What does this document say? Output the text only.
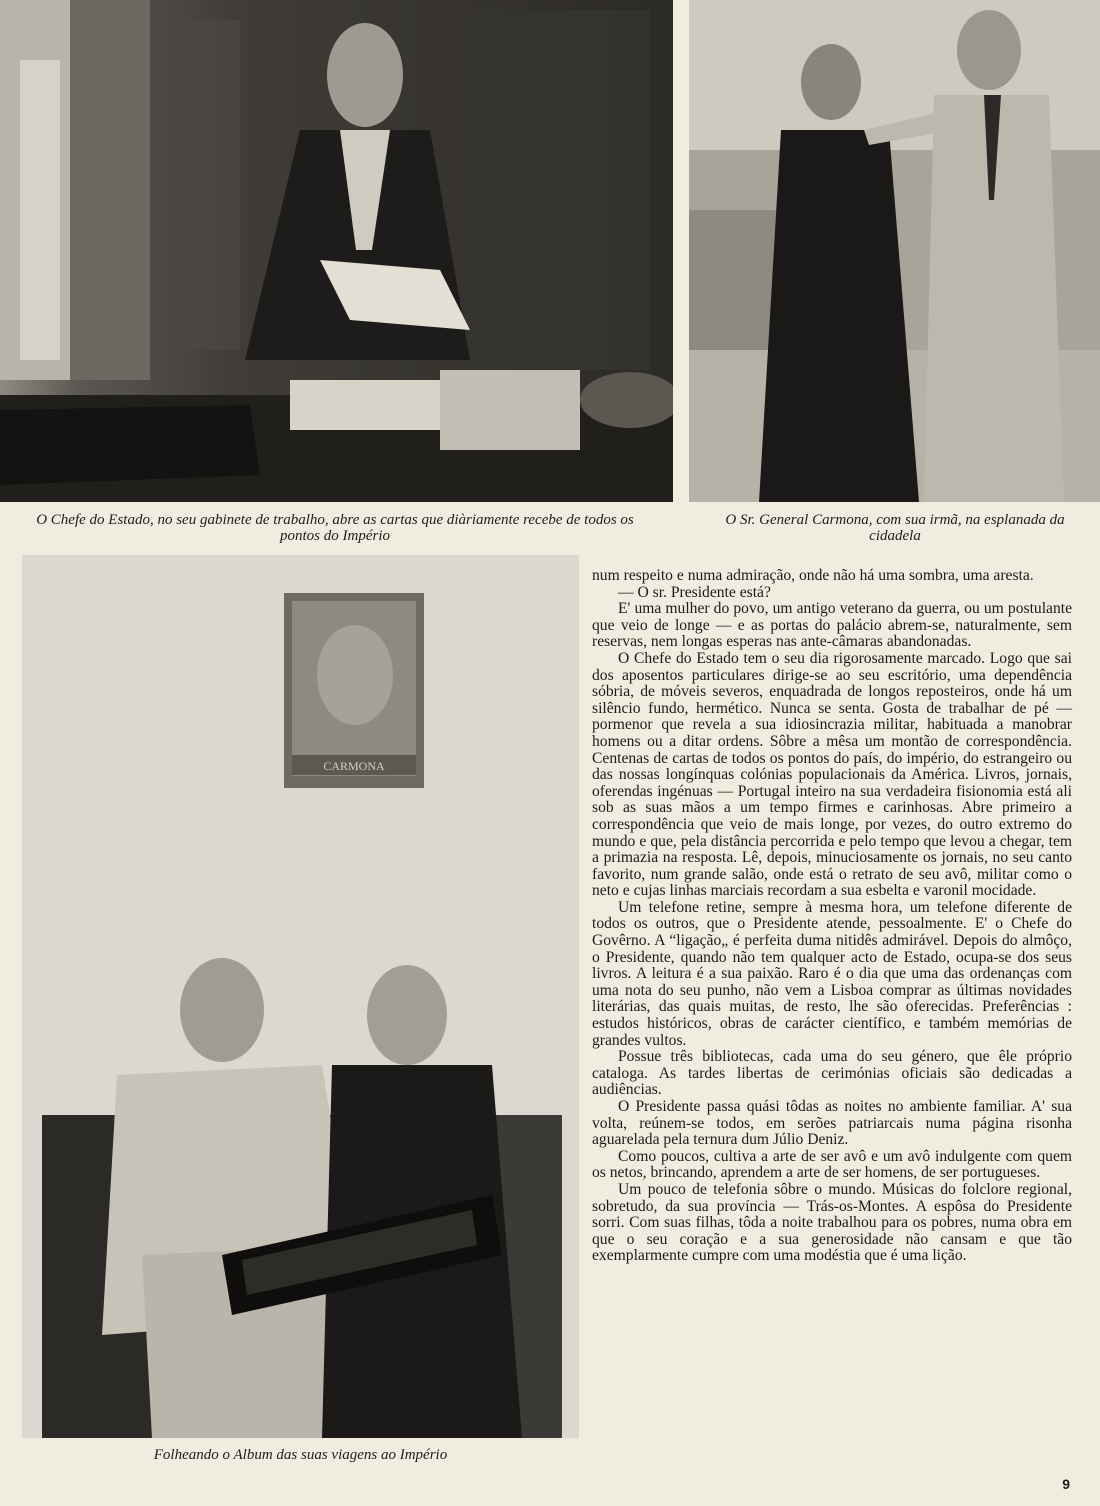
CARMONA
O Chefe do Estado, no seu gabinete de trabalho, abre as cartas que diàriamente recebe de todos os pontos do Império
O Sr. General Carmona, com sua irmã, na esplanada da cidadela
Folheando o Album das suas viagens ao Império

num respeito e numa admiração, onde não há uma sombra, uma aresta.

— O sr. Presidente está?

E' uma mulher do povo, um antigo veterano da guerra, ou um postulante que veio de longe — e as portas do palácio abrem-se, naturalmente, sem reservas, nem longas esperas nas ante-câmaras abandonadas.

O Chefe do Estado tem o seu dia rigorosamente marcado. Logo que sai dos aposentos particulares dirige-se ao seu escritório, uma dependência sóbria, de móveis severos, enquadrada de longos reposteiros, onde há um silêncio fundo, hermético. Nunca se senta. Gosta de trabalhar de pé — pormenor que revela a sua idiosincrazia militar, habituada a manobrar homens ou a ditar ordens. Sôbre a mêsa um montão de correspondência. Centenas de cartas de todos os pontos do país, do império, do estrangeiro ou das nossas longínquas colónias populacionais da América. Livros, jornais, oferendas ingénuas — Portugal inteiro na sua verdadeira fisionomia está ali sob as suas mãos a um tempo firmes e carinhosas. Abre primeiro a correspondência que veio de mais longe, por vezes, do outro extremo do mundo e que, pela distância percorrida e pelo tempo que levou a chegar, tem a primazia na resposta. Lê, depois, minuciosamente os jornais, no seu canto favorito, num grande salão, onde está o retrato de seu avô, militar como o neto e cujas linhas marciais recordam a sua esbelta e varonil mocidade.

Um telefone retine, sempre à mesma hora, um telefone diferente de todos os outros, que o Presidente atende, pessoalmente. E' o Chefe do Govêrno. A “ligação„ é perfeita duma nitidês admirável. Depois do almôço, o Presidente, quando não tem qualquer acto de Estado, ocupa-se dos seus livros. A leitura é a sua paixão. Raro é o dia que uma das ordenanças com uma nota do seu punho, não vem a Lisboa comprar as últimas novidades literárias, das quais muitas, de resto, lhe são oferecidas. Preferências : estudos históricos, obras de carácter científico, e também memórias de grandes vultos.

Possue três bibliotecas, cada uma do seu género, que êle próprio cataloga. As tardes libertas de cerimónias oficiais são dedicadas a audiências.

O Presidente passa quási tôdas as noites no ambiente familiar. A' sua volta, reúnem-se todos, em serões patriarcais numa página risonha aguarelada pela ternura dum Júlio Deniz.

Como poucos, cultiva a arte de ser avô e um avô indulgente com quem os netos, brincando, aprendem a arte de ser homens, de ser portugueses.

Um pouco de telefonia sôbre o mundo. Músicas do folclore regional, sobretudo, da sua província — Trás-os-Montes. A espôsa do Presidente sorri. Com suas filhas, tôda a noite trabalhou para os pobres, numa obra em que o seu coração e a sua generosidade não cansam e que tão exemplarmente cumpre com uma modéstia que é uma lição.

9
